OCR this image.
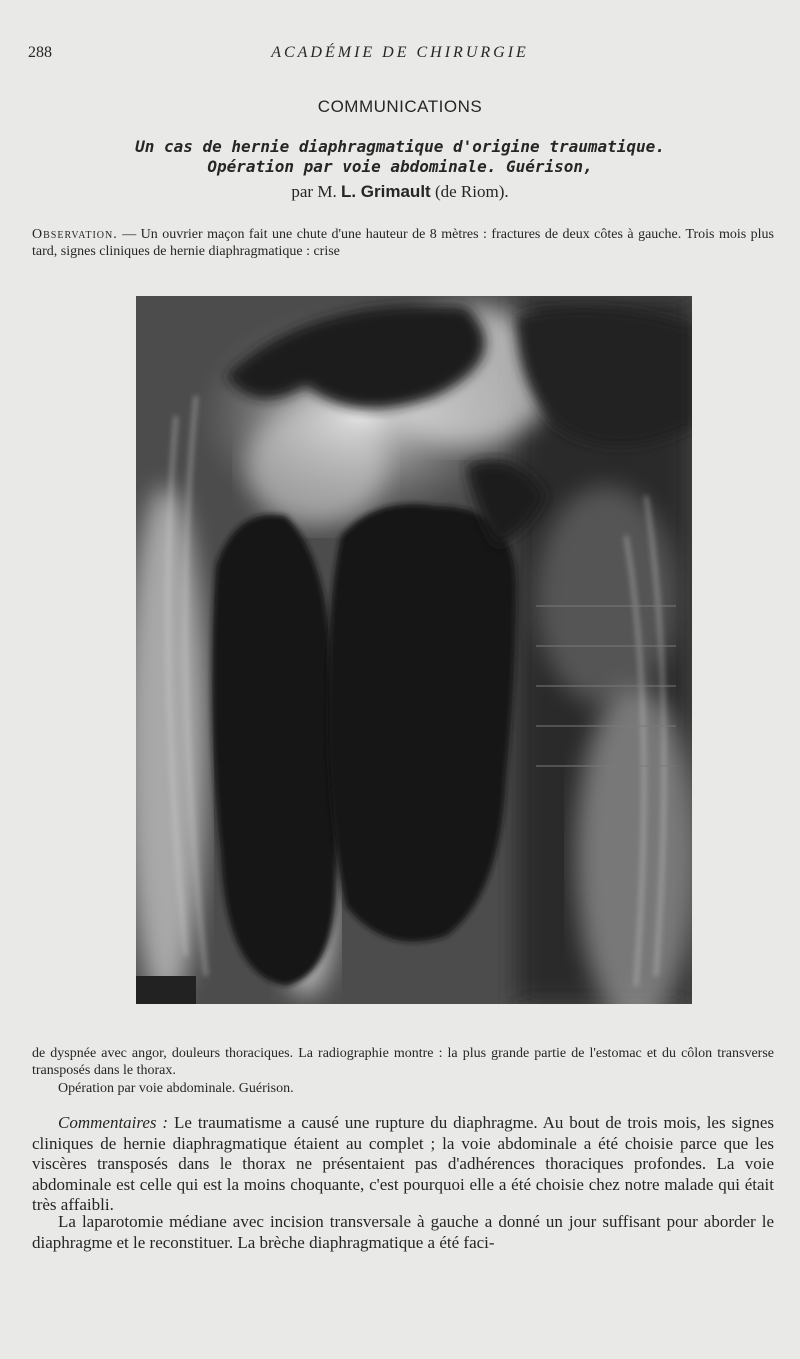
288	ACADÉMIE DE CHIRURGIE
COMMUNICATIONS
Un cas de hernie diaphragmatique d'origine traumatique.
Opération par voie abdominale. Guérison,
par M. L. Grimault (de Riom).
Observation. — Un ouvrier maçon fait une chute d'une hauteur de 8 mètres : fractures de deux côtes à gauche. Trois mois plus tard, signes cliniques de hernie diaphragmatique : crise
de dyspnée avec angor, douleurs thoraciques. La radiographie montre : la plus grande partie de l'estomac et du côlon transverse transposés dans le thorax.
Opération par voie abdominale. Guérison.
Commentaires : Le traumatisme a causé une rupture du diaphragme. Au bout de trois mois, les signes cliniques de hernie diaphragmatique étaient au complet ; la voie abdominale a été choisie parce que les viscères transposés dans le thorax ne présentaient pas d'adhérences thoraciques profondes. La voie abdominale est celle qui est la moins choquante, c'est pourquoi elle a été choisie chez notre malade qui était très affaibli.
La laparotomie médiane avec incision transversale à gauche a donné un jour suffisant pour aborder le diaphragme et le reconstituer. La brèche diaphragmatique a été faci-
